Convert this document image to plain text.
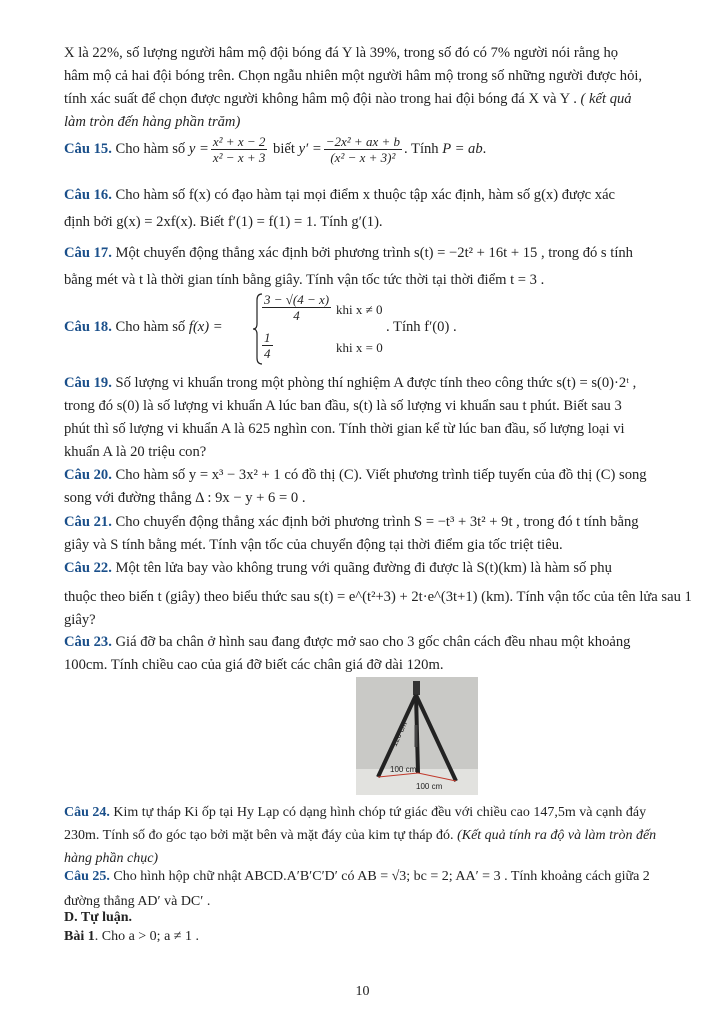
X là 22%, số lượng người hâm mộ đội bóng đá Y là 39%, trong số đó có 7% người nói rằng họ

hâm mộ cả hai đội bóng trên. Chọn ngẫu nhiên một người hâm mộ trong số những người được hỏi,

tính xác suất để chọn được người không hâm mộ đội nào trong hai đội bóng đá X và Y . ( kết quả

làm tròn đến hàng phần trăm)

Câu 15. Cho hàm số $y = \frac{\text{x² + x − 2}}{\text{x² − x + 3}}$ biết $y' = \frac{\text{−2x² + ax + b}}{\text{(x² − x + 3)²}}$ . Tính P = ab.

Câu 16. Cho hàm số f(x) có đạo hàm tại mọi điểm x thuộc tập xác định, hàm số g(x) được xác

định bởi g(x) = 2xf(x). Biết f′(1) = f(1) = 1. Tính g′(1).

Câu 17. Một chuyển động thẳng xác định bởi phương trình s(t) = −2t² + 16t + 15 , trong đó s tính

bằng mét và t là thời gian tính bằng giây. Tính vận tốc tức thời tại thời điểm t = 3 .

Câu 18. Cho hàm số f(x) =

$\frac{3 - √(4 - x)}{4}$ khi x ≠ 0
$\frac{1}{4}$	khi x = 0

. Tính f′(0) .

Câu 19. Số lượng vi khuẩn trong một phòng thí nghiệm A được tính theo công thức s(t) = s(0)·2ᵗ ,

trong đó s(0) là số lượng vi khuẩn A lúc ban đầu, s(t) là số lượng vi khuẩn sau t phút. Biết sau 3

phút thì số lượng vi khuẩn A là 625 nghìn con. Tính thời gian kể từ lúc ban đầu, số lượng loại vi

khuẩn A là 20 triệu con?

Câu 20. Cho hàm số y = x³ − 3x² + 1 có đồ thị (C). Viết phương trình tiếp tuyến của đồ thị (C) song

song với đường thẳng Δ : 9x − y + 6 = 0 .

Câu 21. Cho chuyển động thẳng xác định bởi phương trình S = −t³ + 3t² + 9t , trong đó t tính bằng

giây và S tính bằng mét. Tính vận tốc của chuyển động tại thời điểm gia tốc triệt tiêu.

Câu 22. Một tên lửa bay vào không trung với quãng đường đi được là S(t)(km) là hàm số phụ

thuộc theo biến t (giây) theo biểu thức sau s(t) = e^(t²+3) + 2t·e^(3t+1) (km). Tính vận tốc của tên lửa sau 1

giây?

Câu 23. Giá đỡ ba chân ở hình sau đang được mở sao cho 3 gốc chân cách đều nhau một khoảng

100cm. Tính chiều cao của giá đỡ biết các chân giá đỡ dài 120m.

120 cm
100 cm
100 cm

Câu 24. Kim tự tháp Ki ốp tại Hy Lạp có dạng hình chóp tứ giác đều với chiều cao 147,5m và cạnh đáy

230m. Tính số đo góc tạo bởi mặt bên và mặt đáy của kim tự tháp đó. (Kết quả tính ra độ và làm tròn đến

hàng phần chục)

Câu 25. Cho hình hộp chữ nhật ABCD.A′B′C′D′ có AB = √3; bc = 2; AA′ = 3 . Tính khoảng cách giữa 2

đường thẳng AD′ và DC′ .

D. Tự luận.

Bài 1. Cho a > 0; a ≠ 1 .

10
